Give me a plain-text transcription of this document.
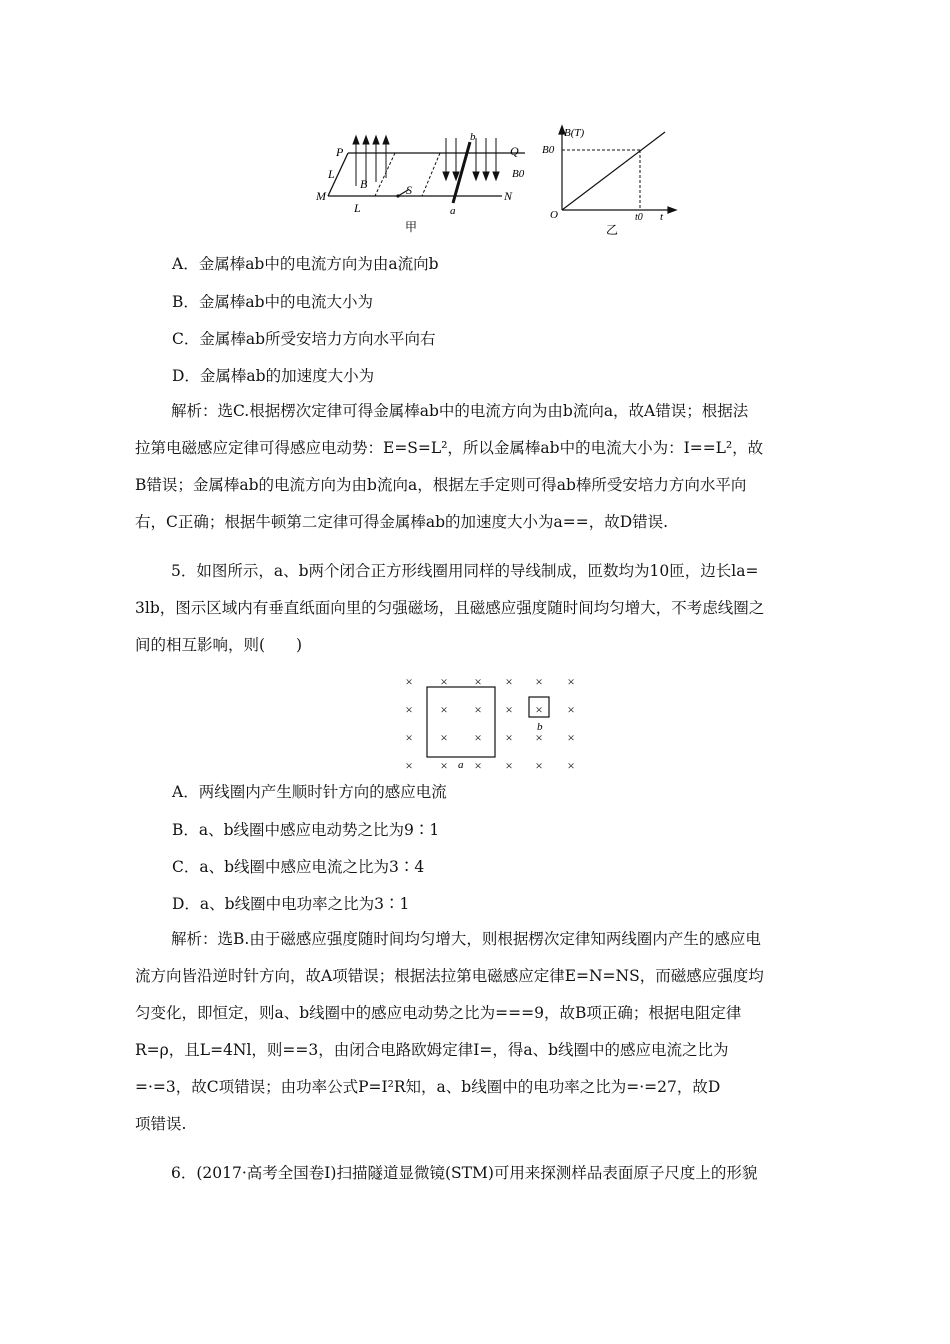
P	Q
M	N
L
L
B	S
b
a
B0
甲
B(T)
B0
O	t0 t
乙
A．金属棒ab中的电流方向为由a流向b
B．金属棒ab中的电流大小为
C．金属棒ab所受安培力方向水平向右
D．金属棒ab的加速度大小为

解析：选C.根据楞次定律可得金属棒ab中的电流方向为由b流向a，故A错误；根据法

拉第电磁感应定律可得感应电动势：E=S=L²，所以金属棒ab中的电流大小为：I==L²，故

B错误；金属棒ab的电流方向为由b流向a，根据左手定则可得ab棒所受安培力方向水平向

右，C正确；根据牛顿第二定律可得金属棒ab的加速度大小为a==，故D错误.

5．如图所示，a、b两个闭合正方形线圈用同样的导线制成，匝数均为10匝，边长la=

3lb，图示区域内有垂直纸面向里的匀强磁场，且磁感应强度随时间均匀增大，不考虑线圈之

间的相互影响，则(　　)

× × × × × ×
× × × × × ×
× × × × × ×
× × × × × ×
a
b
A．两线圈内产生顺时针方向的感应电流
B．a、b线圈中感应电动势之比为9∶1
C．a、b线圈中感应电流之比为3∶4
D．a、b线圈中电功率之比为3∶1

解析：选B.由于磁感应强度随时间均匀增大，则根据楞次定律知两线圈内产生的感应电

流方向皆沿逆时针方向，故A项错误；根据法拉第电磁感应定律E=N=NS，而磁感应强度均

匀变化，即恒定，则a、b线圈中的感应电动势之比为===9，故B项正确；根据电阻定律

R=ρ，且L=4Nl，则==3，由闭合电路欧姆定律I=，得a、b线圈中的感应电流之比为

=·=3，故C项错误；由功率公式P=I²R知，a、b线圈中的电功率之比为=·=27，故D

项错误.

6．(2017·高考全国卷Ⅰ)扫描隧道显微镜(STM)可用来探测样品表面原子尺度上的形貌
